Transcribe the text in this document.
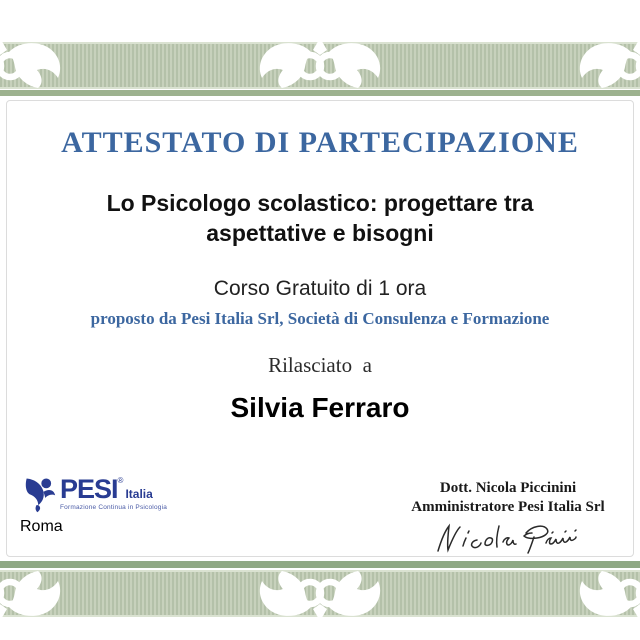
ATTESTATO DI PARTECIPAZIONE
Lo Psicologo scolastico: progettare tra
aspettative e bisogni
Corso Gratuito di 1 ora
proposto da Pesi Italia Srl, Società di Consulenza e Formazione
Rilasciato  a
Silvia Ferraro
PESI ®
Italia
Formazione Continua in Psicologia
Roma
Dott. Nicola Piccinini
Amministratore Pesi Italia Srl
